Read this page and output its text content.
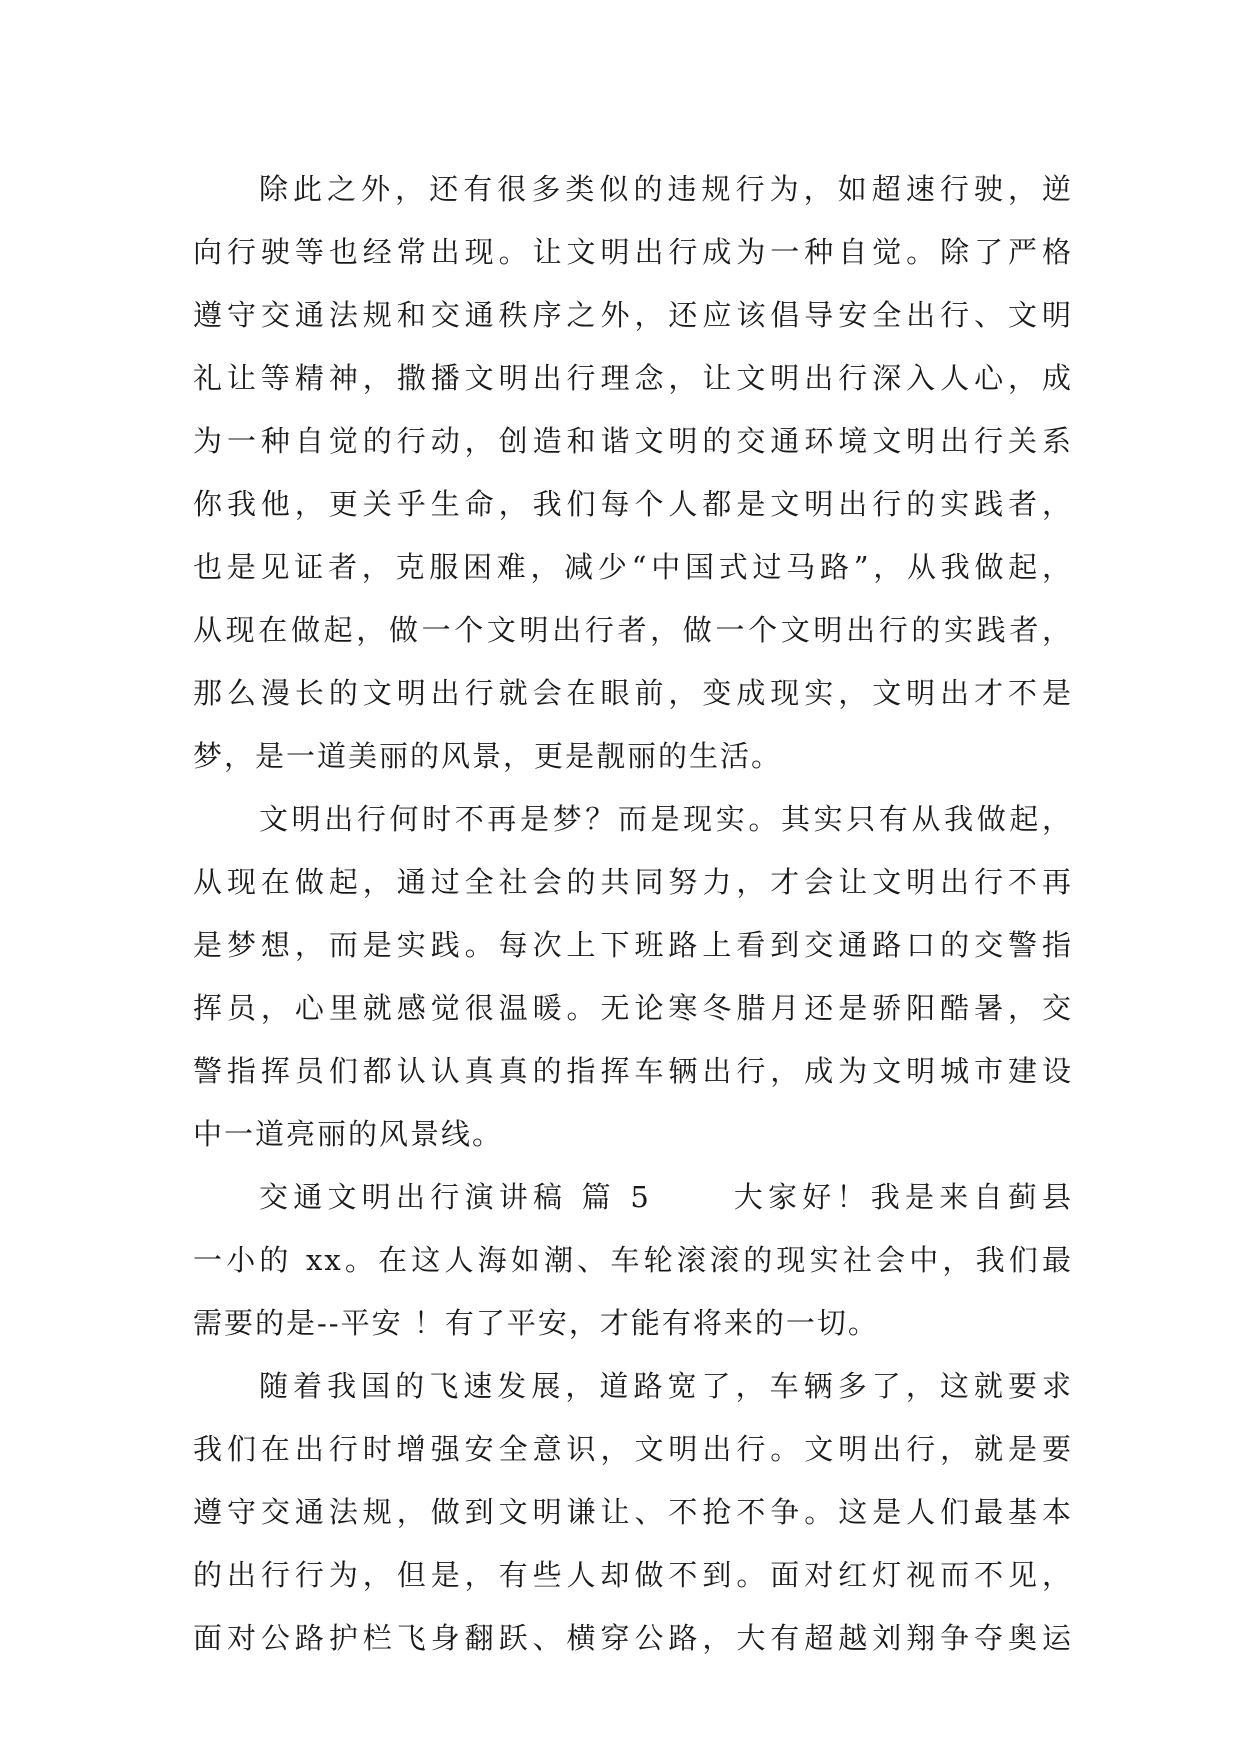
除此之外，还有很多类似的违规行为，如超速行驶，逆
向行驶等也经常出现。让文明出行成为一种自觉。除了严格
遵守交通法规和交通秩序之外，还应该倡导安全出行、文明
礼让等精神，撒播文明出行理念，让文明出行深入人心，成
为一种自觉的行动，创造和谐文明的交通环境文明出行关系
你我他，更关乎生命，我们每个人都是文明出行的实践者，
也是见证者，克服困难，减少“中国式过马路”，从我做起，
从现在做起，做一个文明出行者，做一个文明出行的实践者，
那么漫长的文明出行就会在眼前，变成现实，文明出才不是
梦，是一道美丽的风景，更是靓丽的生活。
文明出行何时不再是梦？而是现实。其实只有从我做起，
从现在做起，通过全社会的共同努力，才会让文明出行不再
是梦想，而是实践。每次上下班路上看到交通路口的交警指
挥员，心里就感觉很温暖。无论寒冬腊月还是骄阳酷暑，交
警指挥员们都认认真真的指挥车辆出行，成为文明城市建设
中一道亮丽的风景线。
交通文明出行演讲稿 篇 5 　　大家好！我是来自蓟县
一小的 xx。在这人海如潮、车轮滚滚的现实社会中，我们最
需要的是--平安 ！有了平安，才能有将来的一切。
随着我国的飞速发展，道路宽了，车辆多了，这就要求
我们在出行时增强安全意识，文明出行。文明出行，就是要
遵守交通法规，做到文明谦让、不抢不争。这是人们最基本
的出行行为，但是，有些人却做不到。面对红灯视而不见，
面对公路护栏飞身翻跃、横穿公路，大有超越刘翔争夺奥运
